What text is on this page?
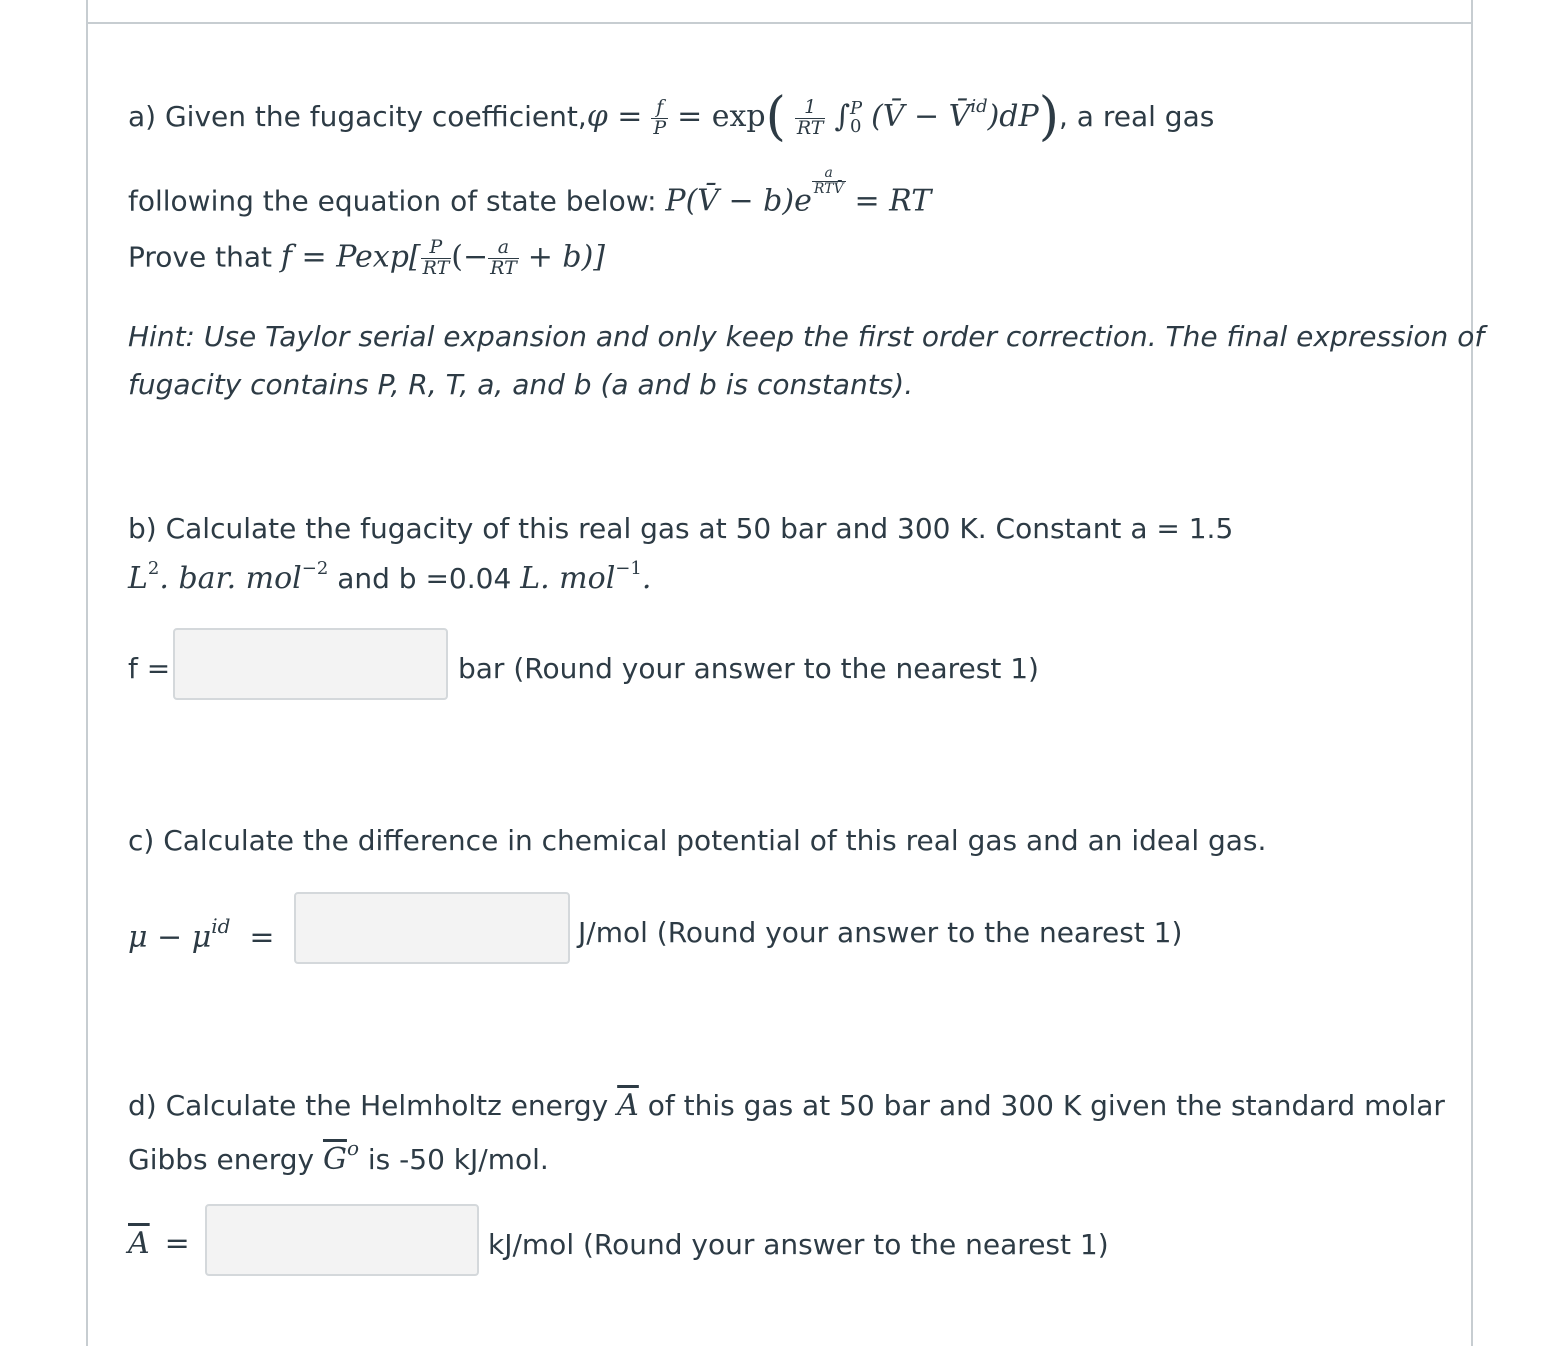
a) Given the fugacity coefficient,φ = $\frac{f}{P} = \exp( \frac{1}{RT}$ ∫ P
0 (V̄ − V̄$^{id}$)dP), a real gas
following the equation of state below: P(V̄ − b)e
$\frac{a}{\text{RTV̄}}$
= RT
Prove that $f = Pexp[ \frac{P}{RT}$ (− $\frac{a}{RT} + b$)]
Hint: Use Taylor serial expansion and only keep the first order correction. The final expression of
fugacity contains P, R, T, a, and b (a and b is constants).
b) Calculate the fugacity of this real gas at 50 bar and 300 K. Constant a = 1.5
$L^2$. bar. mol$^{-2}$ and b =0.04 L. mol$^{-1}$.
f =	bar (Round your answer to the nearest 1)
c) Calculate the difference in chemical potential of this real gas and an ideal gas.
$\mu - \mu^{id}$ =	J/mol (Round your answer to the nearest 1)
d) Calculate the Helmholtz energy $\overline{A}$ of this gas at 50 bar and 300 K given the standard molar
Gibbs energy $\overline{G}^o$ is -50 kJ/mol.
$\overline{A}$ =	kJ/mol (Round your answer to the nearest 1)
